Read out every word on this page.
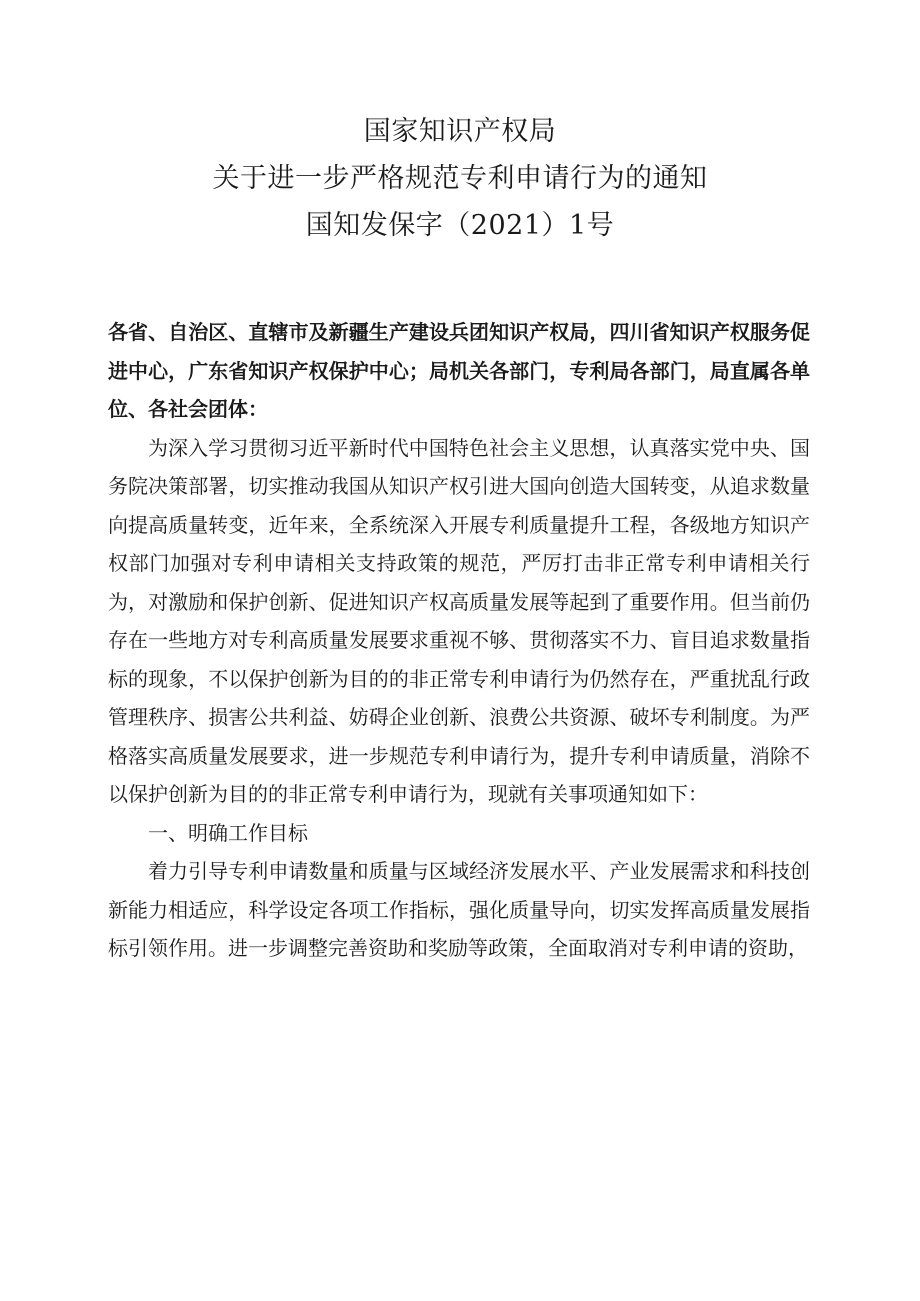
国家知识产权局
关于进一步严格规范专利申请行为的通知
国知发保字（2021）1号

各省、自治区、直辖市及新疆生产建设兵团知识产权局，四川省知识产权服务促进中心，广东省知识产权保护中心；局机关各部门，专利局各部门，局直属各单位、各社会团体：

为深入学习贯彻习近平新时代中国特色社会主义思想，认真落实党中央、国务院决策部署，切实推动我国从知识产权引进大国向创造大国转变，从追求数量向提高质量转变，近年来，全系统深入开展专利质量提升工程，各级地方知识产权部门加强对专利申请相关支持政策的规范，严厉打击非正常专利申请相关行为，对激励和保护创新、促进知识产权高质量发展等起到了重要作用。但当前仍存在一些地方对专利高质量发展要求重视不够、贯彻落实不力、盲目追求数量指标的现象，不以保护创新为目的的非正常专利申请行为仍然存在，严重扰乱行政管理秩序、损害公共利益、妨碍企业创新、浪费公共资源、破坏专利制度。为严格落实高质量发展要求，进一步规范专利申请行为，提升专利申请质量，消除不以保护创新为目的的非正常专利申请行为，现就有关事项通知如下：

一、明确工作目标

着力引导专利申请数量和质量与区域经济发展水平、产业发展需求和科技创新能力相适应，科学设定各项工作指标，强化质量导向，切实发挥高质量发展指标引领作用。进一步调整完善资助和奖励等政策，全面取消对专利申请的资助，
